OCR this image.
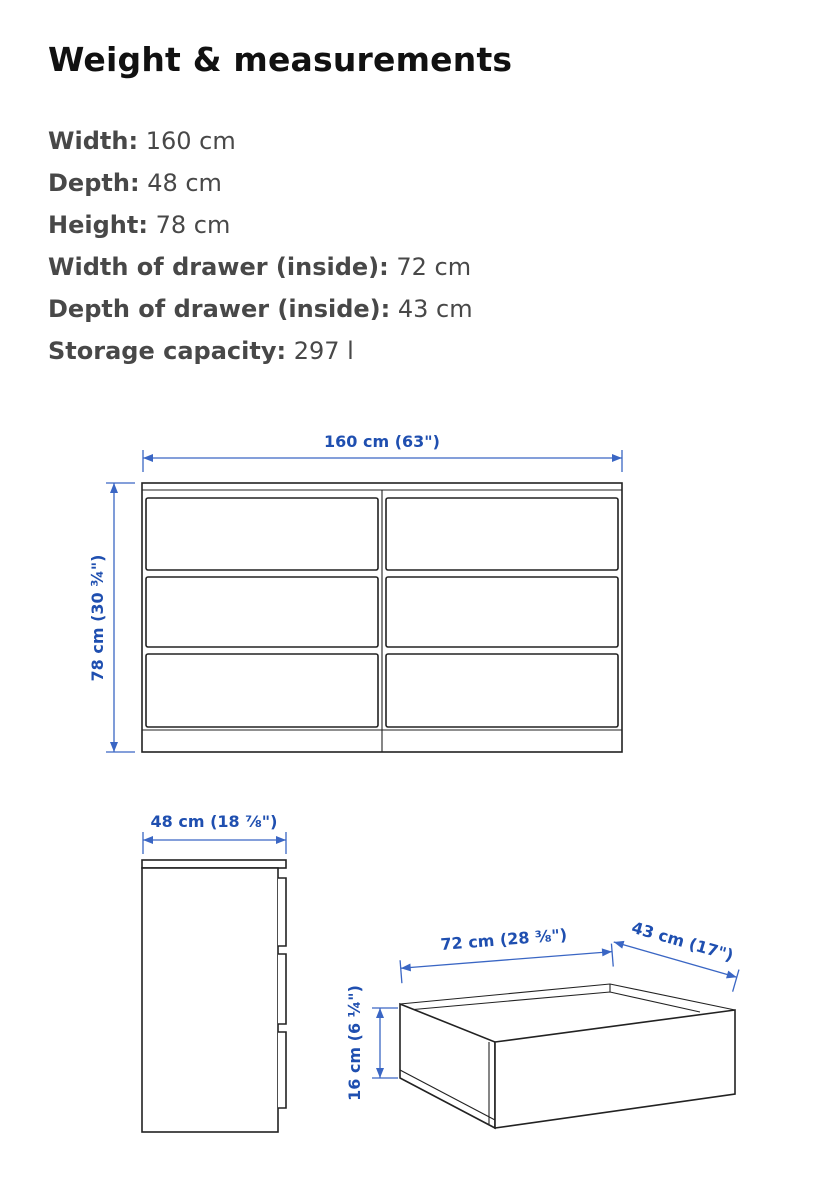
Weight & measurements
Width: 160 cm
Depth: 48 cm
Height: 78 cm
Width of drawer (inside): 72 cm
Depth of drawer (inside): 43 cm
Storage capacity: 297 l
160 cm (63")
78 cm (30 ¾")
48 cm (18 ⅞")
72 cm (28 ⅜")	43 cm (17")
16 cm (6 ¼")
